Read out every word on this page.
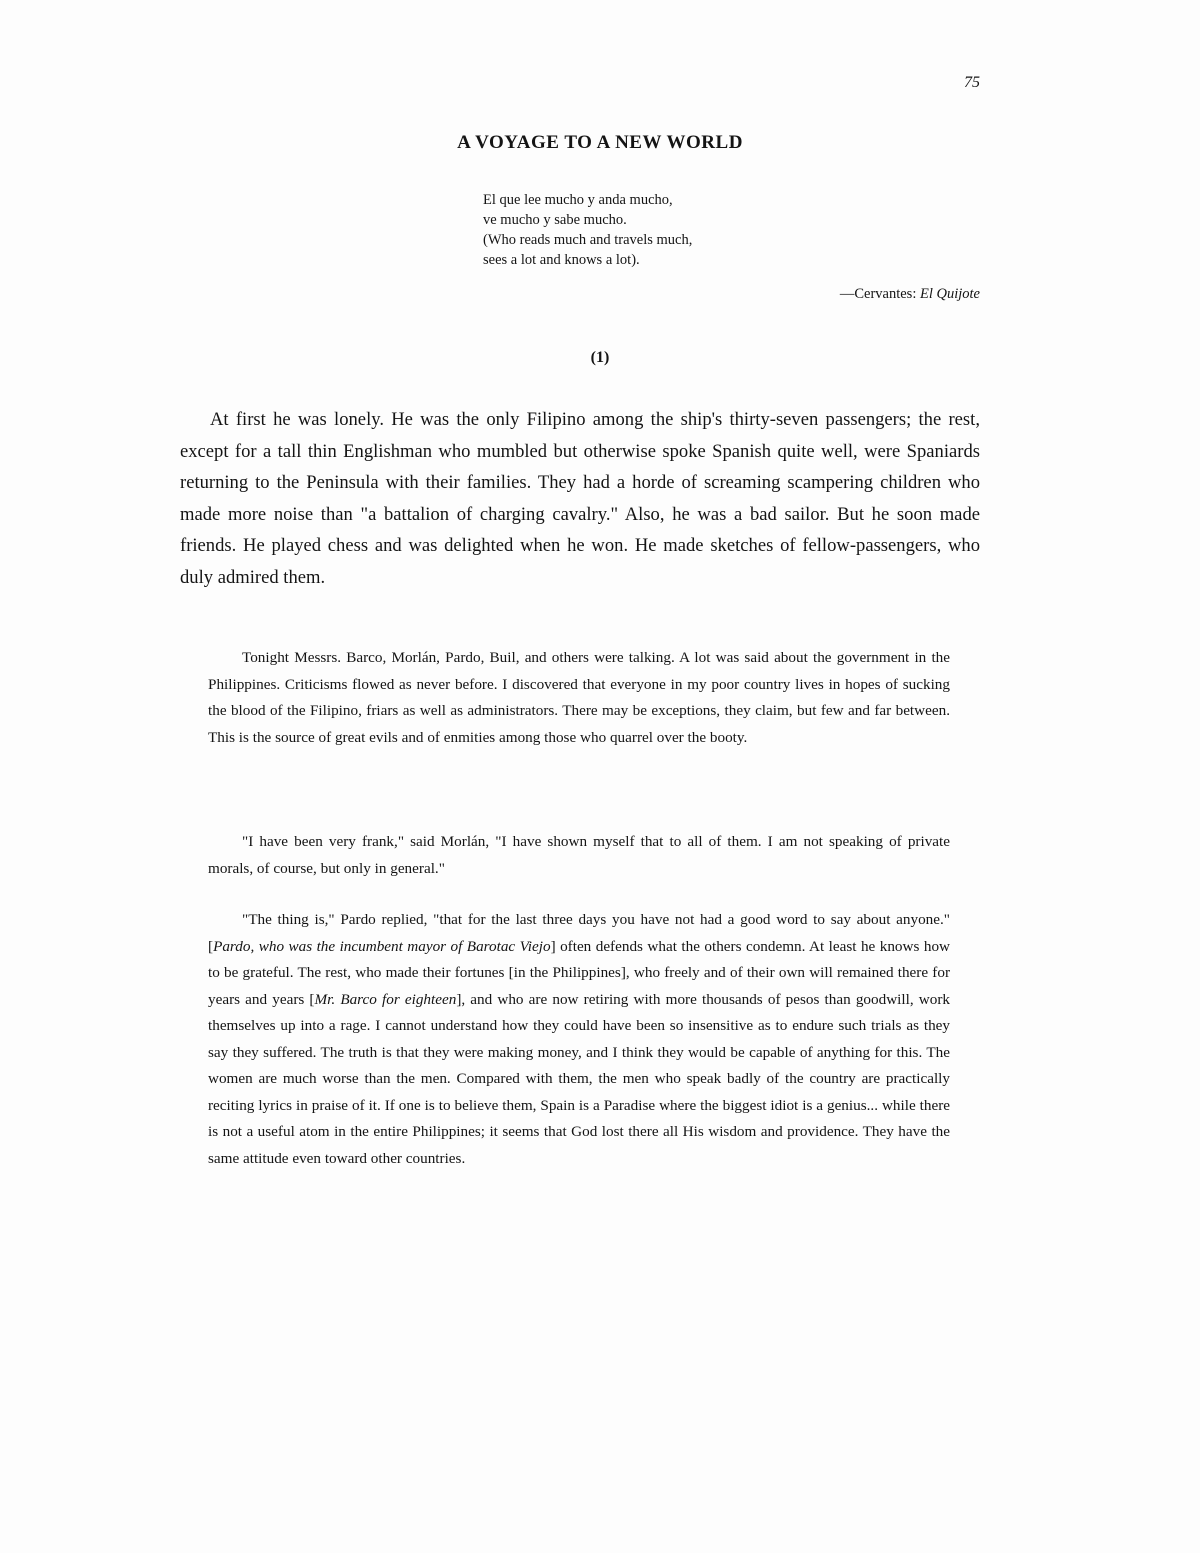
75
A VOYAGE TO A NEW WORLD
El que lee mucho y anda mucho,
ve mucho y sabe mucho.
(Who reads much and travels much,
sees a lot and knows a lot).
—Cervantes: El Quijote
(1)

At first he was lonely. He was the only Filipino among the ship's thirty-seven passengers; the rest, except for a tall thin Englishman who mumbled but otherwise spoke Spanish quite well, were Spaniards returning to the Peninsula with their families. They had a horde of screaming scampering children who made more noise than "a battalion of charging cavalry." Also, he was a bad sailor. But he soon made friends. He played chess and was delighted when he won. He made sketches of fellow-passengers, who duly admired them.

Tonight Messrs. Barco, Morlán, Pardo, Buil, and others were talking. A lot was said about the government in the Philippines. Criticisms flowed as never before. I discovered that everyone in my poor country lives in hopes of sucking the blood of the Filipino, friars as well as administrators. There may be exceptions, they claim, but few and far between. This is the source of great evils and of enmities among those who quarrel over the booty.

"I have been very frank," said Morlán, "I have shown myself that to all of them. I am not speaking of private morals, of course, but only in general."

"The thing is," Pardo replied, "that for the last three days you have not had a good word to say about anyone." [Pardo, who was the incumbent mayor of Barotac Viejo] often defends what the others condemn. At least he knows how to be grateful. The rest, who made their fortunes [in the Philippines], who freely and of their own will remained there for years and years [Mr. Barco for eighteen], and who are now retiring with more thousands of pesos than goodwill, work themselves up into a rage. I cannot understand how they could have been so insensitive as to endure such trials as they say they suffered. The truth is that they were making money, and I think they would be capable of anything for this. The women are much worse than the men. Compared with them, the men who speak badly of the country are practically reciting lyrics in praise of it. If one is to believe them, Spain is a Paradise where the biggest idiot is a genius... while there is not a useful atom in the entire Philippines; it seems that God lost there all His wisdom and providence. They have the same attitude even toward other countries.
